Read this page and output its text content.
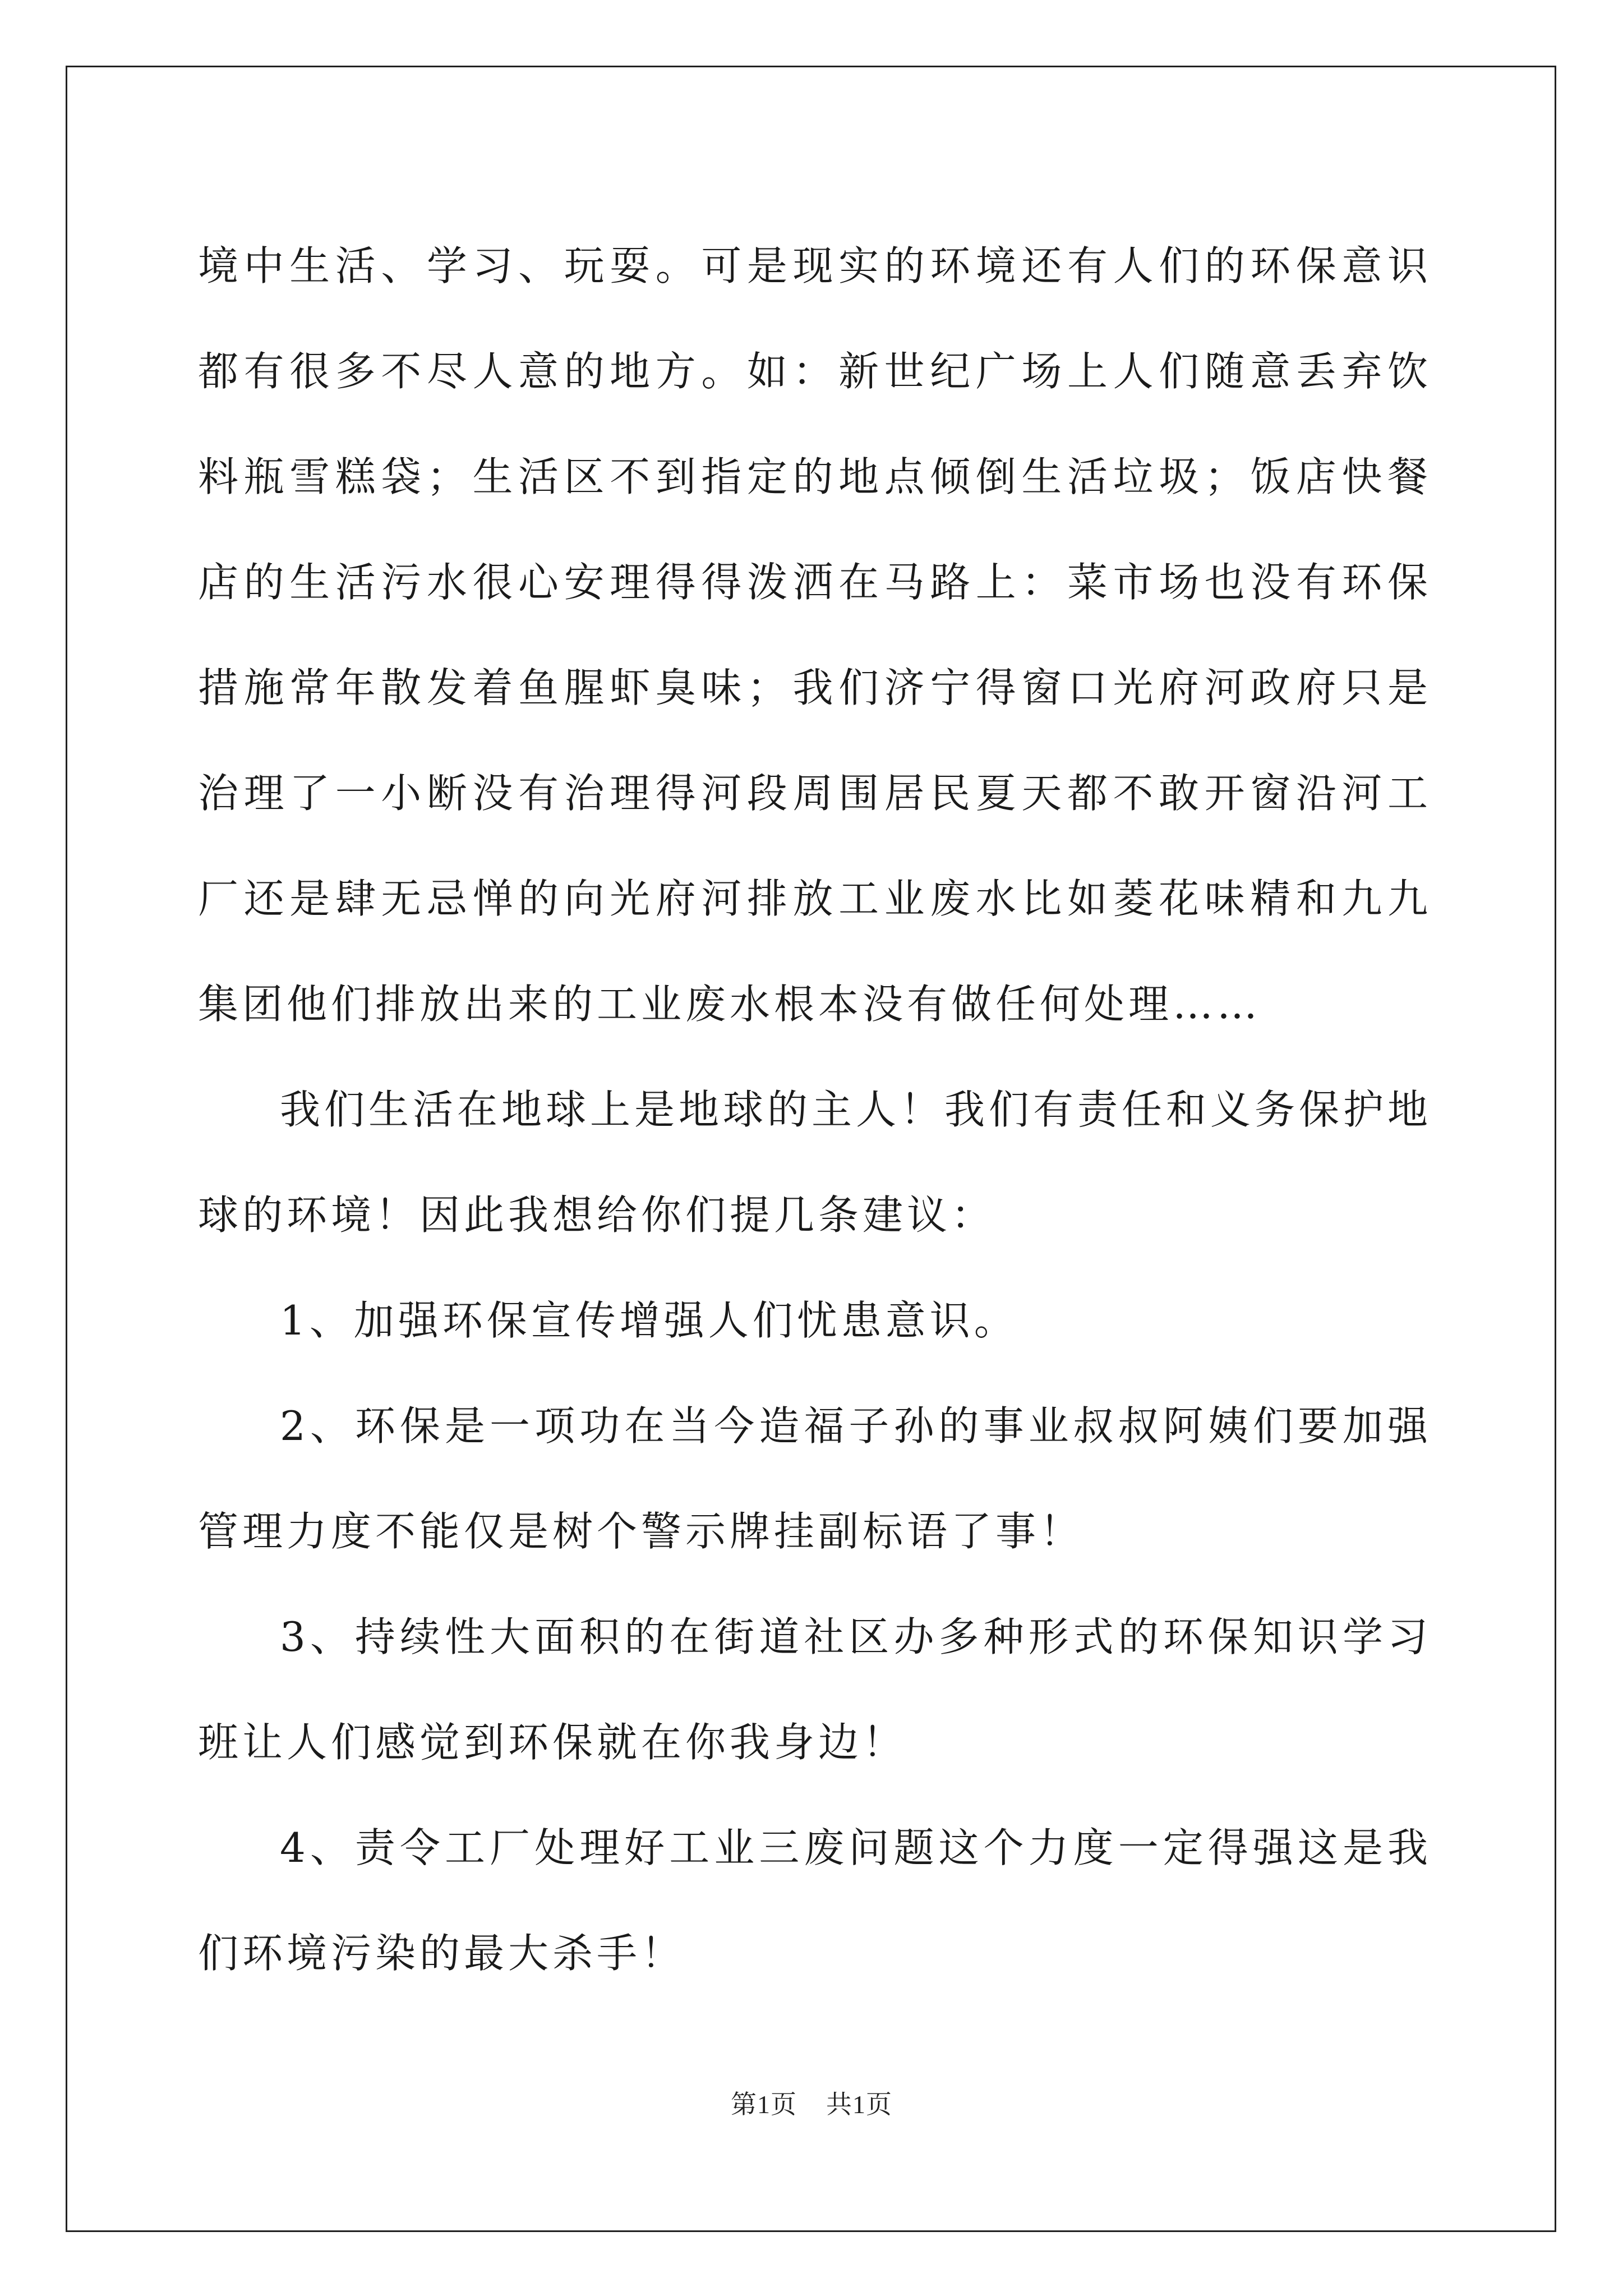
境中生活、学习、玩耍。可是现实的环境还有人们的环保意识都有很多不尽人意的地方。如：新世纪广场上人们随意丢弃饮料瓶雪糕袋；生活区不到指定的地点倾倒生活垃圾；饭店快餐店的生活污水很心安理得得泼洒在马路上：菜市场也没有环保措施常年散发着鱼腥虾臭味；我们济宁得窗口光府河政府只是治理了一小断没有治理得河段周围居民夏天都不敢开窗沿河工厂还是肆无忌惮的向光府河排放工业废水比如菱花味精和九九集团他们排放出来的工业废水根本没有做任何处理……

我们生活在地球上是地球的主人！我们有责任和义务保护地球的环境！因此我想给你们提几条建议：

1、加强环保宣传增强人们忧患意识。

2、环保是一项功在当今造福子孙的事业叔叔阿姨们要加强管理力度不能仅是树个警示牌挂副标语了事！

3、持续性大面积的在街道社区办多种形式的环保知识学习班让人们感觉到环保就在你我身边！

4、责令工厂处理好工业三废问题这个力度一定得强这是我们环境污染的最大杀手！

第1页 共1页
